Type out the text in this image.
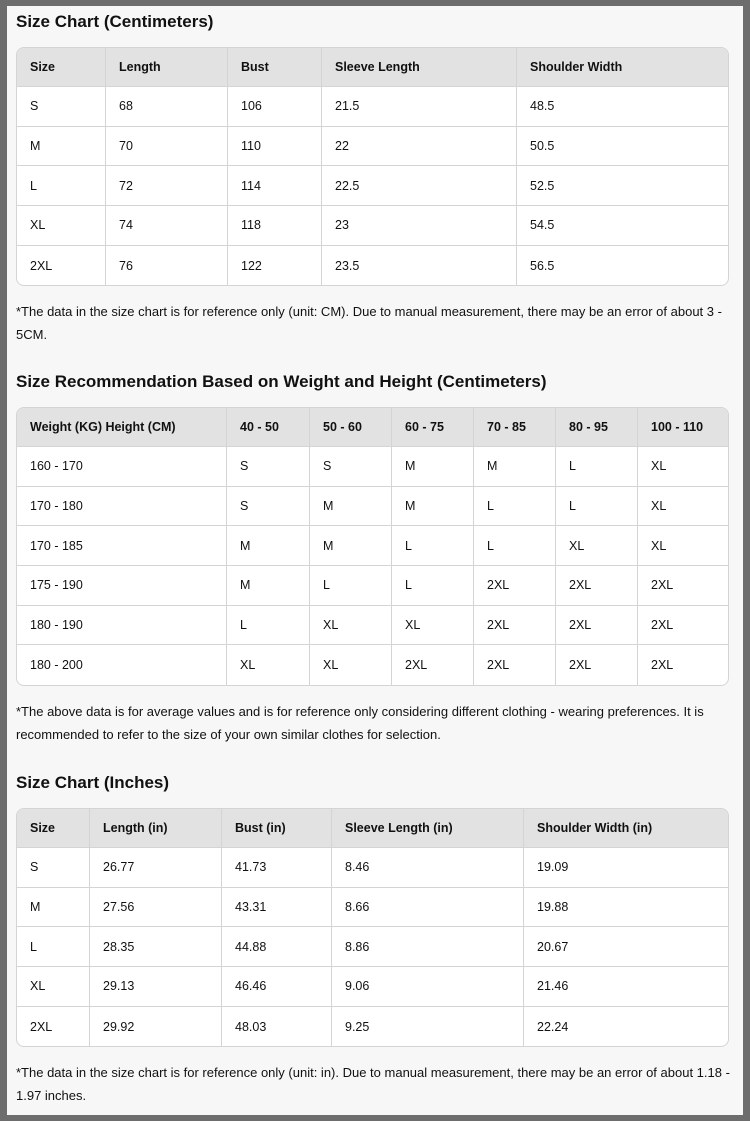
Size Chart (Centimeters)
Size	Length	Bust	Sleeve Length	Shoulder Width
S	68	106	21.5	48.5
M	70	110	22	50.5
L	72	114	22.5	52.5
XL	74	118	23	54.5
2XL	76	122	23.5	56.5

*The data in the size chart is for reference only (unit: CM). Due to manual measurement, there may be an error of about 3 - 5CM.

Size Recommendation Based on Weight and Height (Centimeters)
Weight (KG) Height (CM)	40 - 50	50 - 60	60 - 75	70 - 85	80 - 95	100 - 110
160 - 170	S	S	M	M	L	XL
170 - 180	S	M	M	L	L	XL
170 - 185	M	M	L	L	XL	XL
175 - 190	M	L	L	2XL	2XL	2XL
180 - 190	L	XL	XL	2XL	2XL	2XL
180 - 200	XL	XL	2XL	2XL	2XL	2XL

*The above data is for average values and is for reference only considering different clothing - wearing preferences. It is recommended to refer to the size of your own similar clothes for selection.

Size Chart (Inches)
Size	Length (in)	Bust (in)	Sleeve Length (in)	Shoulder Width (in)
S	26.77	41.73	8.46	19.09
M	27.56	43.31	8.66	19.88
L	28.35	44.88	8.86	20.67
XL	29.13	46.46	9.06	21.46
2XL	29.92	48.03	9.25	22.24

*The data in the size chart is for reference only (unit: in). Due to manual measurement, there may be an error of about 1.18 - 1.97 inches.
